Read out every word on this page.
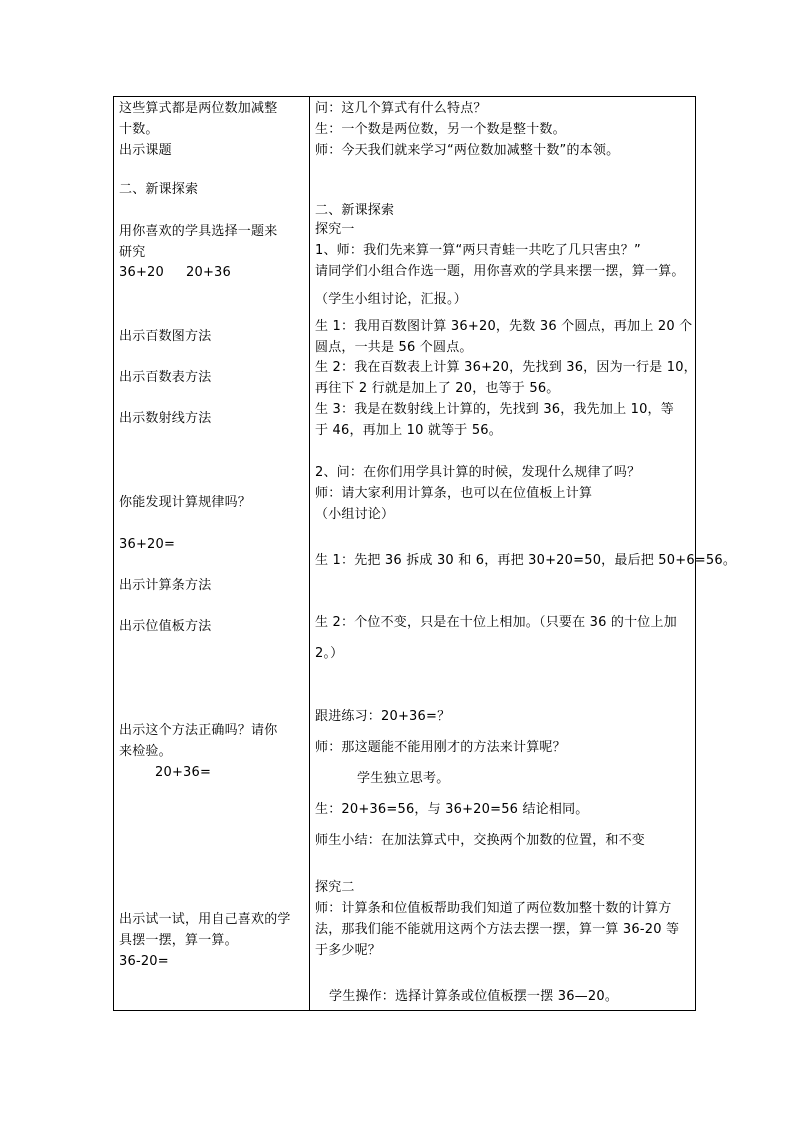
这些算式都是两位数加减整
十数。
出示课题
二、新课探索
用你喜欢的学具选择一题来
研究
36+20 20+36
出示百数图方法
出示百数表方法
出示数射线方法
你能发现计算规律吗？
36+20=
出示计算条方法
出示位值板方法
出示这个方法正确吗？请你
来检验。
20+36=
出示试一试，用自己喜欢的学
具摆一摆，算一算。
36-20=
问：这几个算式有什么特点？
生：一个数是两位数，另一个数是整十数。
师：今天我们就来学习“两位数加减整十数”的本领。
二、新课探索
探究一
1、师：我们先来算一算“两只青蛙一共吃了几只害虫？”
请同学们小组合作选一题，用你喜欢的学具来摆一摆，算一算。
（学生小组讨论，汇报。）
生 1：我用百数图计算 36+20，先数 36 个圆点，再加上 20 个
圆点，一共是 56 个圆点。
生 2：我在百数表上计算 36+20，先找到 36，因为一行是 10，
再往下 2 行就是加上了 20，也等于 56。
生 3：我是在数射线上计算的，先找到 36，我先加上 10，等
于 46，再加上 10 就等于 56。
2、问：在你们用学具计算的时候，发现什么规律了吗？
师：请大家利用计算条，也可以在位值板上计算
（小组讨论）
生 1：先把 36 拆成 30 和 6，再把 30+20=50，最后把 50+6=56。
生 2：个位不变，只是在十位上相加。（只要在 36 的十位上加
2。）
跟进练习：20+36=？
师：那这题能不能用刚才的方法来计算呢？
学生独立思考。
生：20+36=56，与 36+20=56 结论相同。
师生小结：在加法算式中，交换两个加数的位置，和不变
探究二
师：计算条和位值板帮助我们知道了两位数加整十数的计算方
法，那我们能不能就用这两个方法去摆一摆，算一算 36-20 等
于多少呢？
学生操作：选择计算条或位值板摆一摆 36—20。
